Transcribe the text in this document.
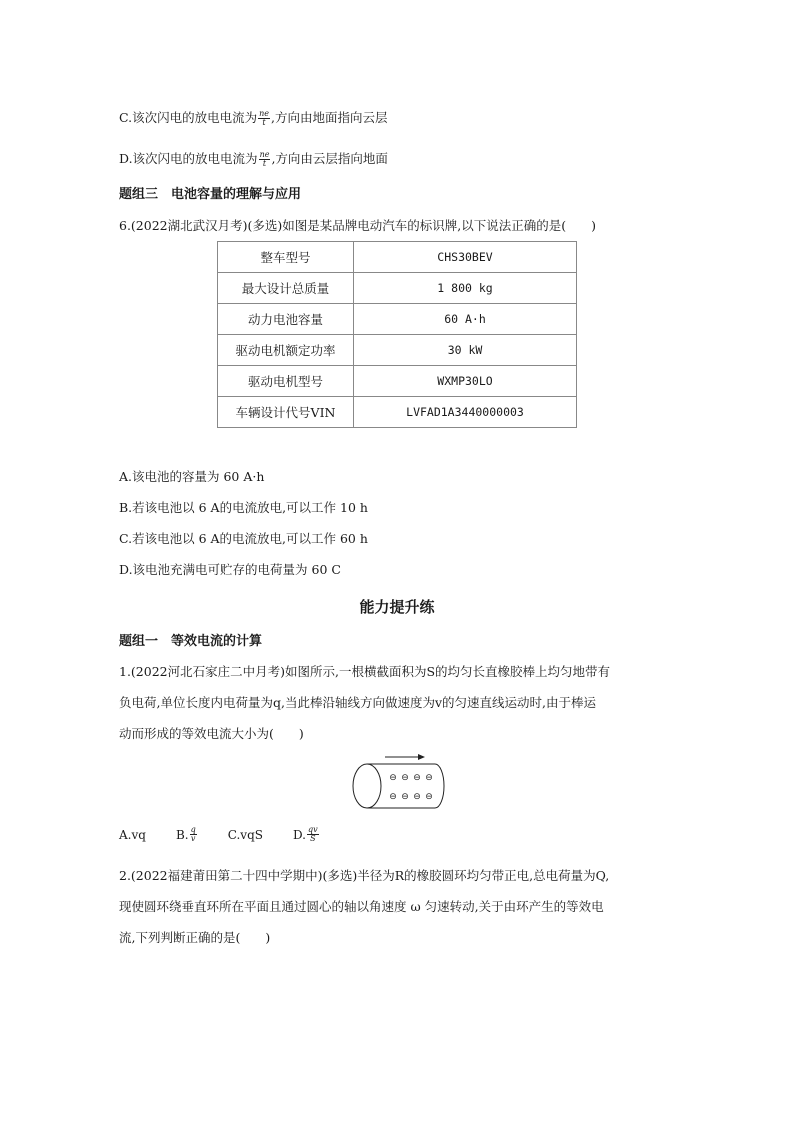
C.该次闪电的放电电流为 $\frac{ne}{t}$ ,方向由地面指向云层
D.该次闪电的放电电流为 $\frac{ne}{t}$ ,方向由云层指向地面
题组三　电池容量的理解与应用
6.(2022湖北武汉月考)(多选)如图是某品牌电动汽车的标识牌,以下说法正确的是(　　)
整车型号	CHS30BEV
最大设计总质量	1 800 kg
动力电池容量	60 A·h
驱动电机额定功率	30 kW
驱动电机型号	WXMP30LO
车辆设计代号VIN	LVFAD1A3440000003
A.该电池的容量为 60 A·h
B.若该电池以 6 A的电流放电,可以工作 10 h
C.若该电池以 6 A的电流放电,可以工作 60 h
D.该电池充满电可贮存的电荷量为 60 C
能力提升练
题组一　等效电流的计算
1.(2022河北石家庄二中月考)如图所示,一根横截面积为S的均匀长直橡胶棒上均匀地带有
负电荷,单位长度内电荷量为q,当此棒沿轴线方向做速度为v的匀速直线运动时,由于棒运
动而形成的等效电流大小为(　　)
⊖ ⊖ ⊖ ⊖
⊖ ⊖ ⊖ ⊖
A.vq	B. $\frac{q}{v}$	C.vqS	D. $\frac{qv}{S}$
2.(2022福建莆田第二十四中学期中)(多选)半径为R的橡胶圆环均匀带正电,总电荷量为Q,
现使圆环绕垂直环所在平面且通过圆心的轴以角速度 ω 匀速转动,关于由环产生的等效电
流,下列判断正确的是(　　)
